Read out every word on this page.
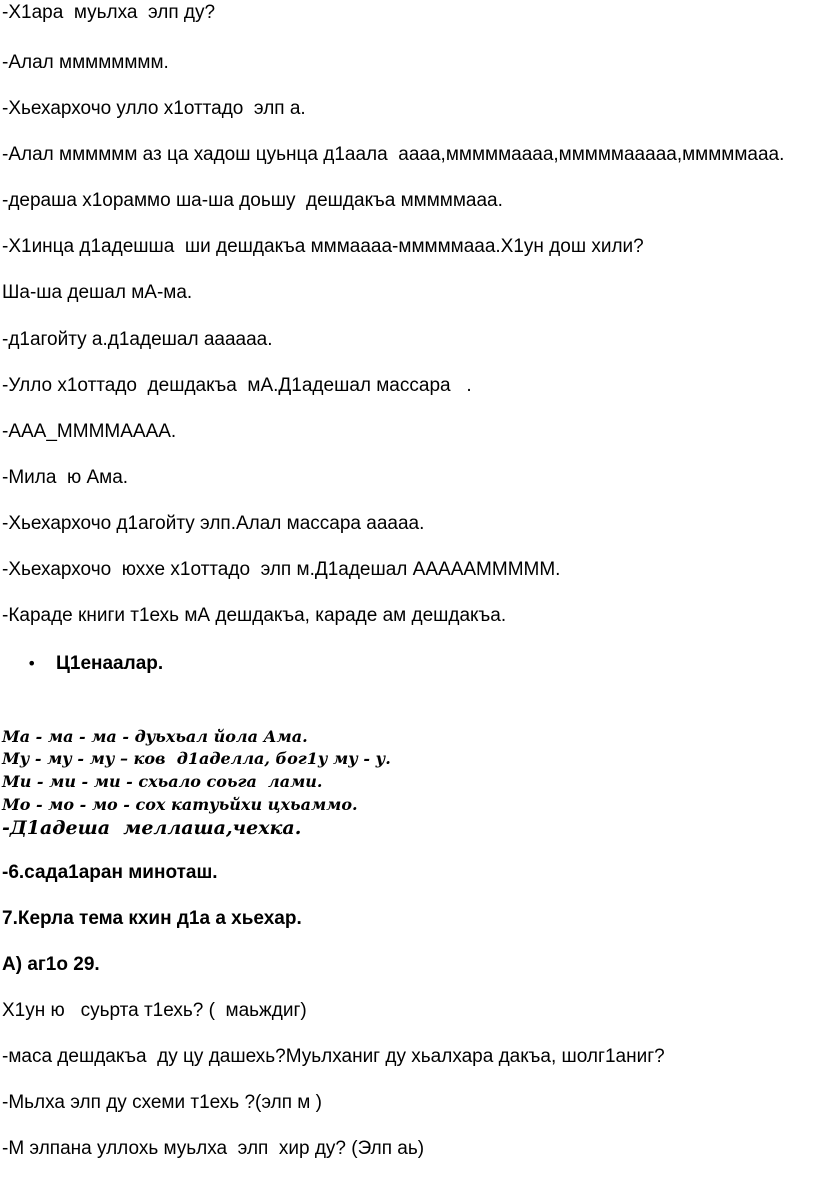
-Х1ара  муьлха  элп ду?
-Алал мммммммм.
-Хьехархочо улло х1оттадо  элп а.
-Алал мммммм аз ца хадош цуьнца д1аала  аааа,мммммаааа,мммммааааа,мммммааа.
-дераша х1ораммо ша-ша доьшу  дешдакъа мммммааа.
-Х1инца д1адешша  ши дешдакъа мммаааа-мммммааа.Х1ун дош хили?
Ша-ша дешал мА-ма.
-д1агойту а.д1адешал аааааа.
-Улло х1оттадо  дешдакъа  мА.Д1адешал массара   .
-ААА_ММММАААА.
-Мила  ю Ама.
-Хьехархочо д1агойту элп.Алал массара ааааа.
-Хьехархочо  юххе х1оттадо  элп м.Д1адешал АААААМММММ.
-Караде книги т1ехь мА дешдакъа, караде ам дешдакъа.
• Ц1енаалар.
Ма - ма - ма - дуьхьал йола Ама.
Му - му - му – ков  д1аделла, бог1у му - у.
Ми - ми - ми - схьало соьга  лами.
Мо - мо - мо - сох катуьйхи цхьаммо.
-Д1адеша  меллаша,чехка.
-6.сада1аран миноташ.
7.Керла тема кхин д1а а хьехар.
А) аг1о 29.
Х1ун ю   суьрта т1ехь? (  маьждиг)
-маса дешдакъа  ду цу дашехь?Муьлханиг ду хьалхара дакъа, шолг1аниг?
-Мьлха элп ду схеми т1ехь ?(элп м )
-М элпана уллохь муьлха  элп  хир ду? (Элп аь)
